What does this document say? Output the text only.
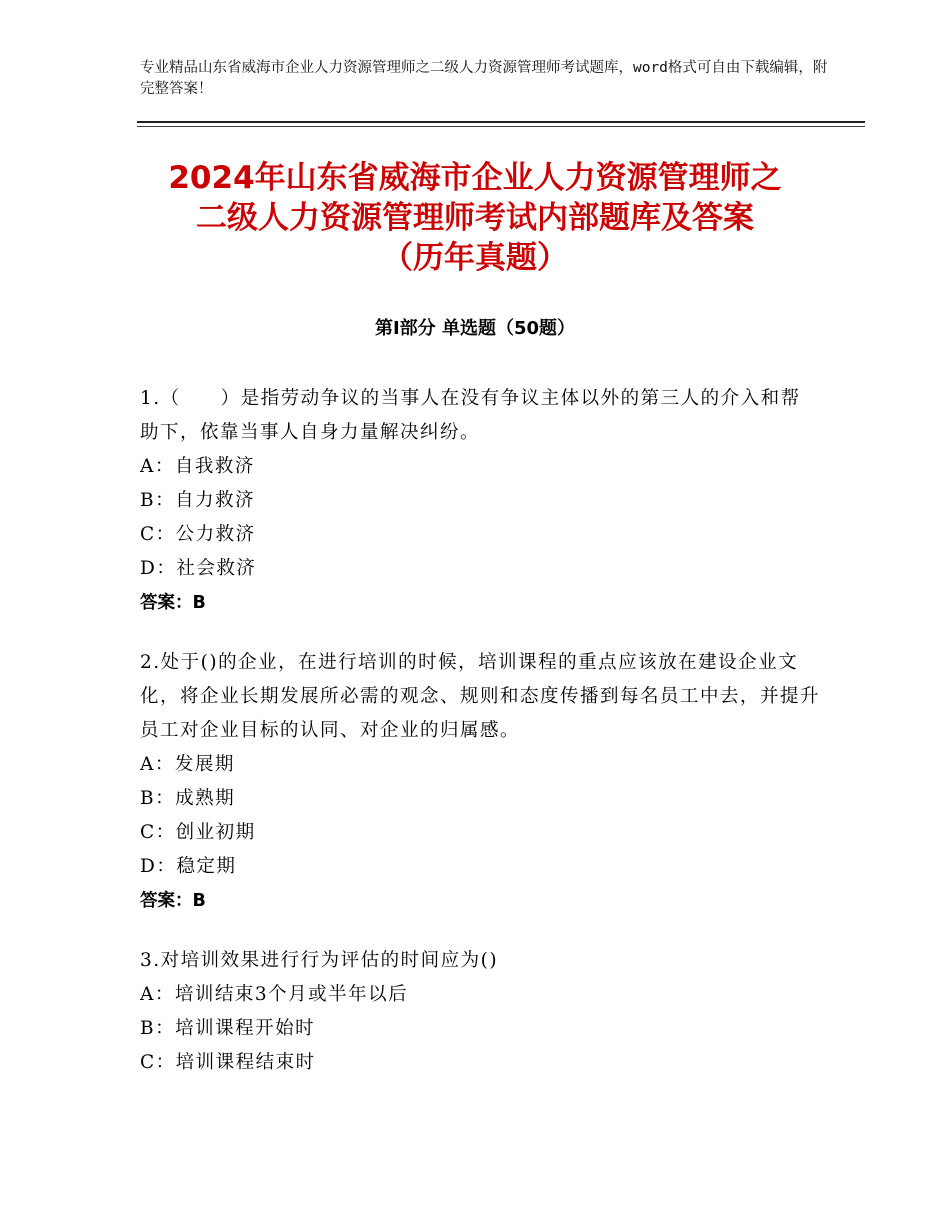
专业精品山东省威海市企业人力资源管理师之二级人力资源管理师考试题库，word格式可自由下载编辑，附完整答案！
2024年山东省威海市企业人力资源管理师之
二级人力资源管理师考试内部题库及答案
（历年真题）
第Ⅰ部分 单选题（50题）
1.（　　）是指劳动争议的当事人在没有争议主体以外的第三人的介入和帮助下，依靠当事人自身力量解决纠纷。
A：自我救济
B：自力救济
C：公力救济
D：社会救济
答案：B
2.处于()的企业，在进行培训的时候，培训课程的重点应该放在建设企业文化，将企业长期发展所必需的观念、规则和态度传播到每名员工中去，并提升员工对企业目标的认同、对企业的归属感。
A：发展期
B：成熟期
C：创业初期
D：稳定期
答案：B
3.对培训效果进行行为评估的时间应为()
A：培训结束3个月或半年以后
B：培训课程开始时
C：培训课程结束时
